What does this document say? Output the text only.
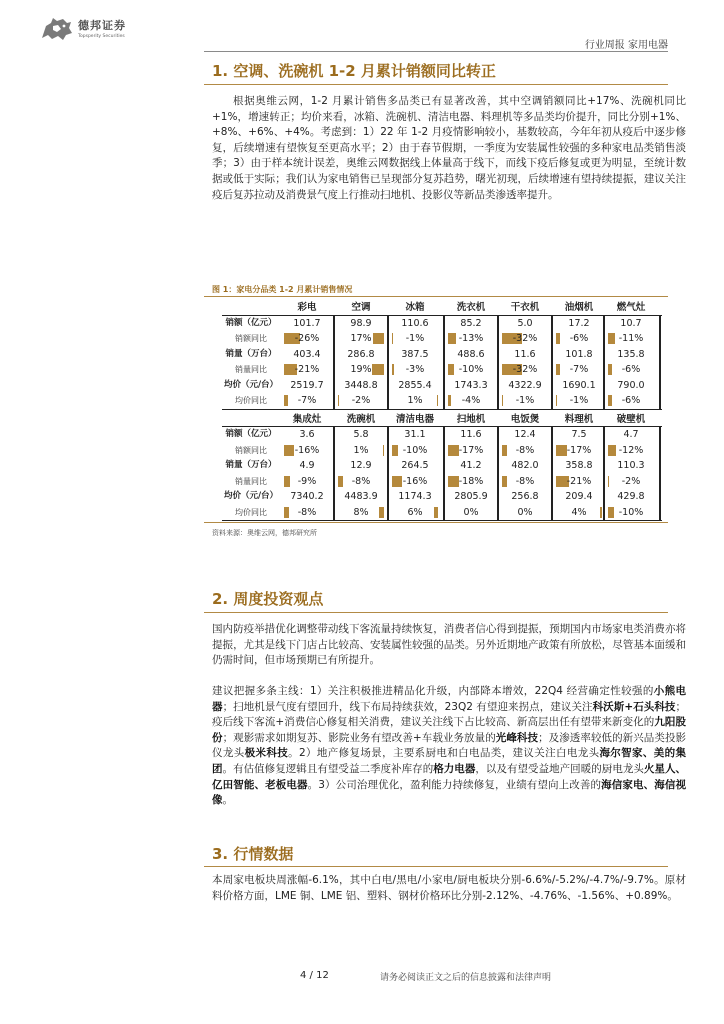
德邦证券
Topsperity Securities
行业周报 家用电器
1. 空调、洗碗机 1-2 月累计销额同比转正
根据奥维云网，1-2 月累计销售多品类已有显著改善，其中空调销额同比+17%、洗碗机同比+1%，增速转正；均价来看，冰箱、洗碗机、清洁电器、料理机等多品类均价提升，同比分别+1%、+8%、+6%、+4%。考虑到：1）22 年 1-2 月疫情影响较小，基数较高，今年年初从疫后中逐步修复，后续增速有望恢复至更高水平；2）由于春节假期，一季度为安装属性较强的多种家电品类销售淡季；3）由于样本统计误差，奥维云网数据线上体量高于线下，而线下疫后修复或更为明显，至统计数据或低于实际；我们认为家电销售已呈现部分复苏趋势，曙光初现，后续增速有望持续提振，建议关注疫后复苏拉动及消费景气度上行推动扫地机、投影仪等新品类渗透率提升。
图 1：家电分品类 1-2 月累计销售情况
彩电	空调	冰箱	洗衣机	干衣机	油烟机	燃气灶
销额（亿元）	101.7	98.9	110.6	85.2	5.0	17.2	10.7
销额同比	-26%	17%	-1%	-13%	-32%	-6%	-11%
销量（万台）	403.4	286.8	387.5	488.6	11.6	101.8	135.8
销量同比	-21%	19%	-3%	-10%	-32%	-7%	-6%
均价（元/台）	2519.7	3448.8	2855.4	1743.3	4322.9	1690.1	790.0
均价同比	-7%	-2%	1%	-4%	-1%	-1%	-6%
集成灶	洗碗机	清洁电器	扫地机	电饭煲	料理机	破壁机
销额（亿元）	3.6	5.8	31.1	11.6	12.4	7.5	4.7
销额同比	-16%	1%	-10%	-17%	-8%	-17%	-12%
销量（万台）	4.9	12.9	264.5	41.2	482.0	358.8	110.3
销量同比	-9%	-8%	-16%	-18%	-8%	-21%	-2%
均价（元/台）	7340.2	4483.9	1174.3	2805.9	256.8	209.4	429.8
均价同比	-8%	8%	6%	0%	0%	4%	-10%
资料来源：奥维云网，德邦研究所
2. 周度投资观点
国内防疫举措优化调整带动线下客流量持续恢复，消费者信心得到提振，预期国内市场家电类消费亦将提振，尤其是线下门店占比较高、安装属性较强的品类。另外近期地产政策有所放松，尽管基本面缓和仍需时间，但市场预期已有所提升。
建议把握多条主线：1）关注积极推进精品化升级，内部降本增效，22Q4 经营确定性较强的小熊电器；扫地机景气度有望回升，线下布局持续获效，23Q2 有望迎来拐点，建议关注科沃斯+石头科技；疫后线下客流+消费信心修复相关消费，建议关注线下占比较高、新高层出任有望带来新变化的九阳股份；观影需求如期复苏、影院业务有望改善+车载业务放量的光峰科技；及渗透率较低的新兴品类投影仪龙头极米科技。2）地产修复场景，主要系厨电和白电品类，建议关注白电龙头海尔智家、美的集团。有估值修复逻辑且有望受益二季度补库存的格力电器，以及有望受益地产回暖的厨电龙头火星人、亿田智能、老板电器。3）公司治理优化，盈利能力持续修复，业绩有望向上改善的海信家电、海信视像。
3. 行情数据
本周家电板块周涨幅-6.1%，其中白电/黑电/小家电/厨电板块分别-6.6%/-5.2%/-4.7%/-9.7%。原材料价格方面，LME 铜、LME 铝、塑料、钢材价格环比分别-2.12%、-4.76%、-1.56%、+0.89%。
4 / 12	请务必阅读正文之后的信息披露和法律声明
